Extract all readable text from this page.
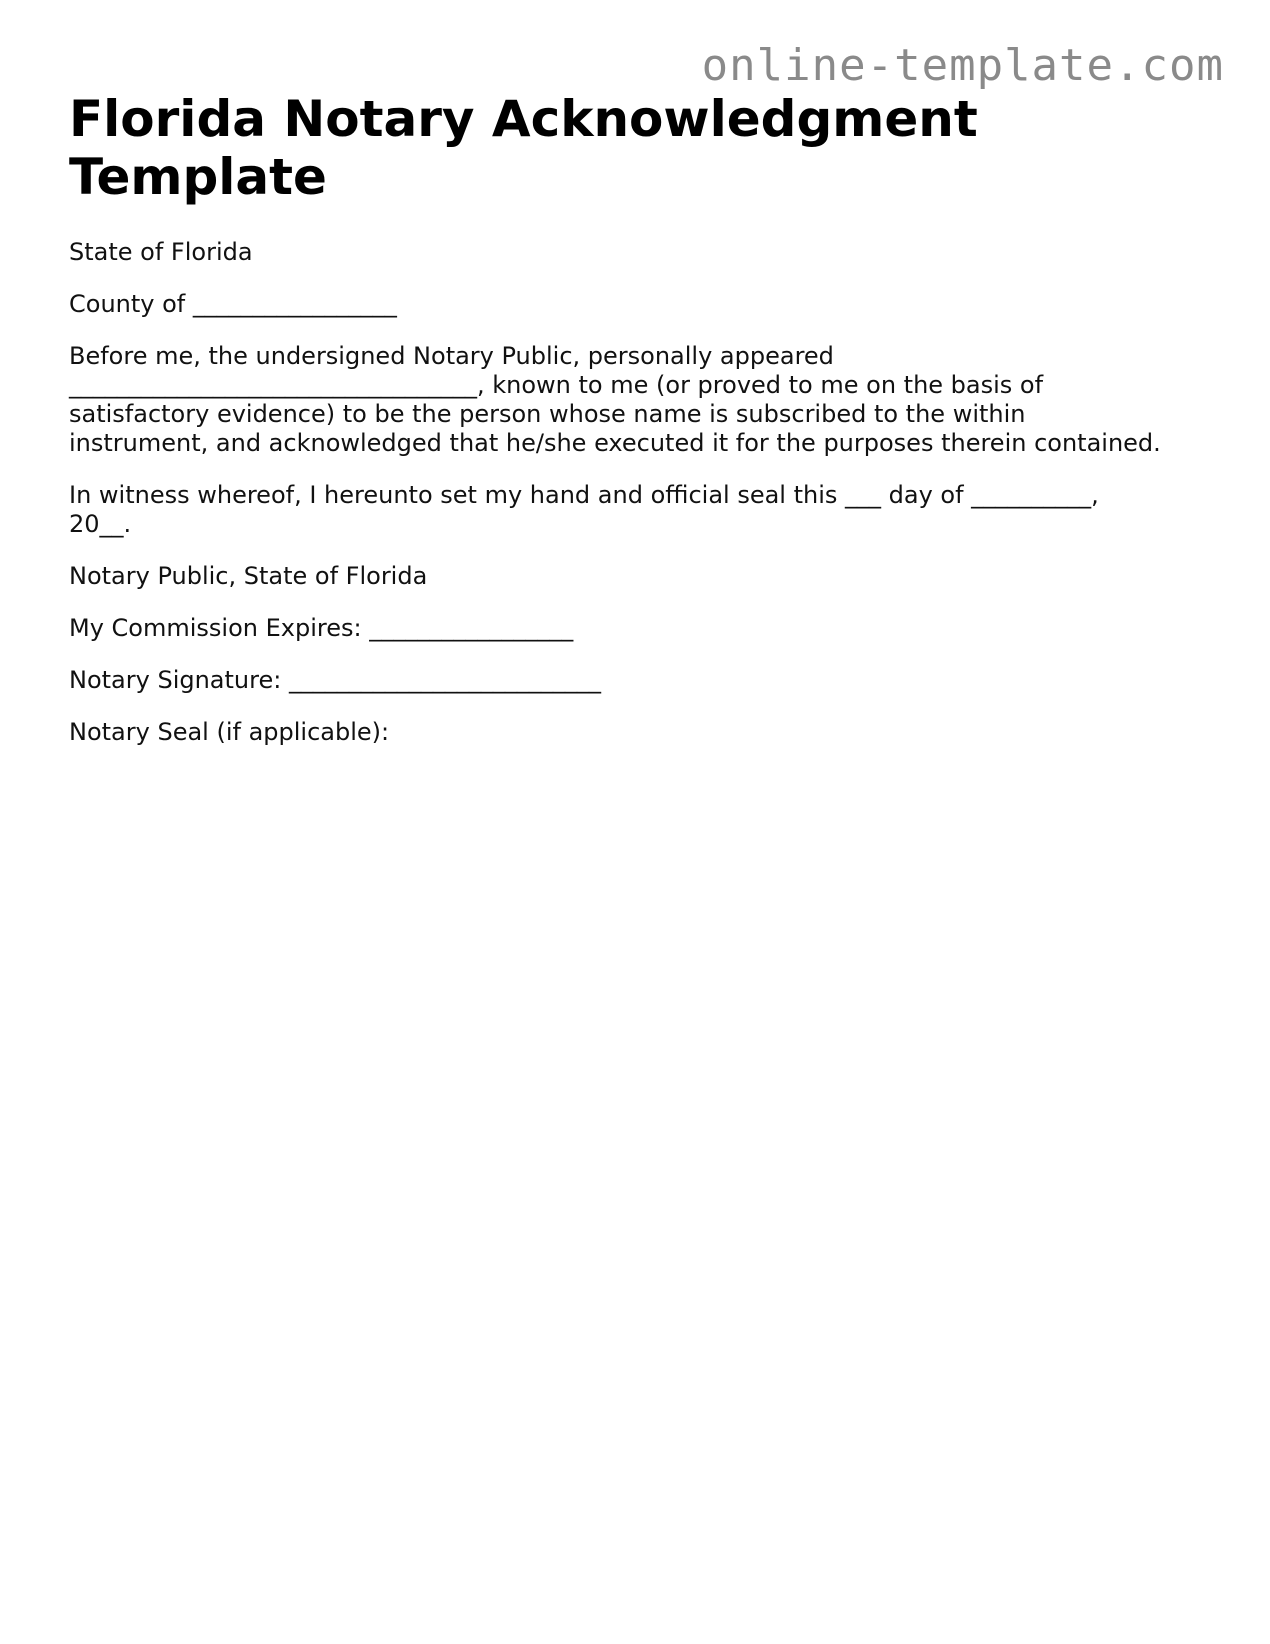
online-template.com
Florida Notary Acknowledgment
Template

State of Florida

County of _________________

Before me, the undersigned Notary Public, personally appeared
__________________________________, known to me (or proved to me on the basis of
satisfactory evidence) to be the person whose name is subscribed to the within
instrument, and acknowledged that he/she executed it for the purposes therein contained.

In witness whereof, I hereunto set my hand and official seal this ___ day of __________,
20__.

Notary Public, State of Florida

My Commission Expires: _________________

Notary Signature: __________________________

Notary Seal (if applicable):
